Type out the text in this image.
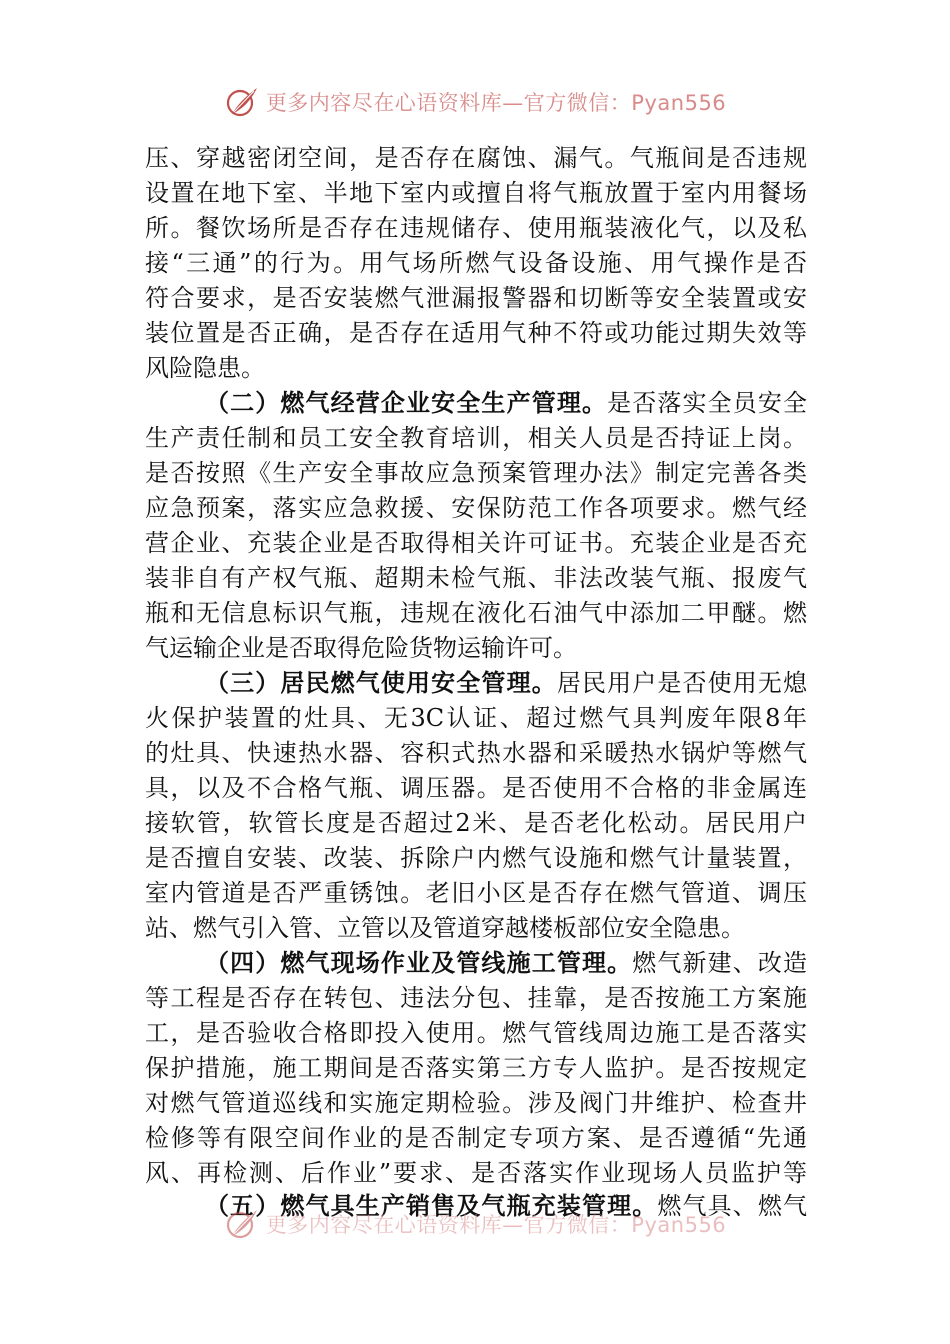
更多内容尽在心语资料库—官方微信：Pyan556
压、穿越密闭空间，是否存在腐蚀、漏气。气瓶间是否违规
设置在地下室、半地下室内或擅自将气瓶放置于室内用餐场
所。餐饮场所是否存在违规储存、使用瓶装液化气，以及私
接“三通”的行为。用气场所燃气设备设施、用气操作是否
符合要求，是否安装燃气泄漏报警器和切断等安全装置或安
装位置是否正确，是否存在适用气种不符或功能过期失效等
风险隐患。
（二）燃气经营企业安全生产管理。是否落实全员安全
生产责任制和员工安全教育培训，相关人员是否持证上岗。
是否按照《生产安全事故应急预案管理办法》制定完善各类
应急预案，落实应急救援、安保防范工作各项要求。燃气经
营企业、充装企业是否取得相关许可证书。充装企业是否充
装非自有产权气瓶、超期未检气瓶、非法改装气瓶、报废气
瓶和无信息标识气瓶，违规在液化石油气中添加二甲醚。燃
气运输企业是否取得危险货物运输许可。
（三）居民燃气使用安全管理。居民用户是否使用无熄
火保护装置的灶具、无3C认证、超过燃气具判废年限8年
的灶具、快速热水器、容积式热水器和采暖热水锅炉等燃气
具，以及不合格气瓶、调压器。是否使用不合格的非金属连
接软管，软管长度是否超过2米、是否老化松动。居民用户
是否擅自安装、改装、拆除户内燃气设施和燃气计量装置，
室内管道是否严重锈蚀。老旧小区是否存在燃气管道、调压
站、燃气引入管、立管以及管道穿越楼板部位安全隐患。
（四）燃气现场作业及管线施工管理。燃气新建、改造
等工程是否存在转包、违法分包、挂靠，是否按施工方案施
工，是否验收合格即投入使用。燃气管线周边施工是否落实
保护措施，施工期间是否落实第三方专人监护。是否按规定
对燃气管道巡线和实施定期检验。涉及阀门井维护、检查井
检修等有限空间作业的是否制定专项方案、是否遵循“先通
风、再检测、后作业”要求、是否落实作业现场人员监护等
（五）燃气具生产销售及气瓶充装管理。燃气具、燃气
更多内容尽在心语资料库—官方微信：Pyan556
